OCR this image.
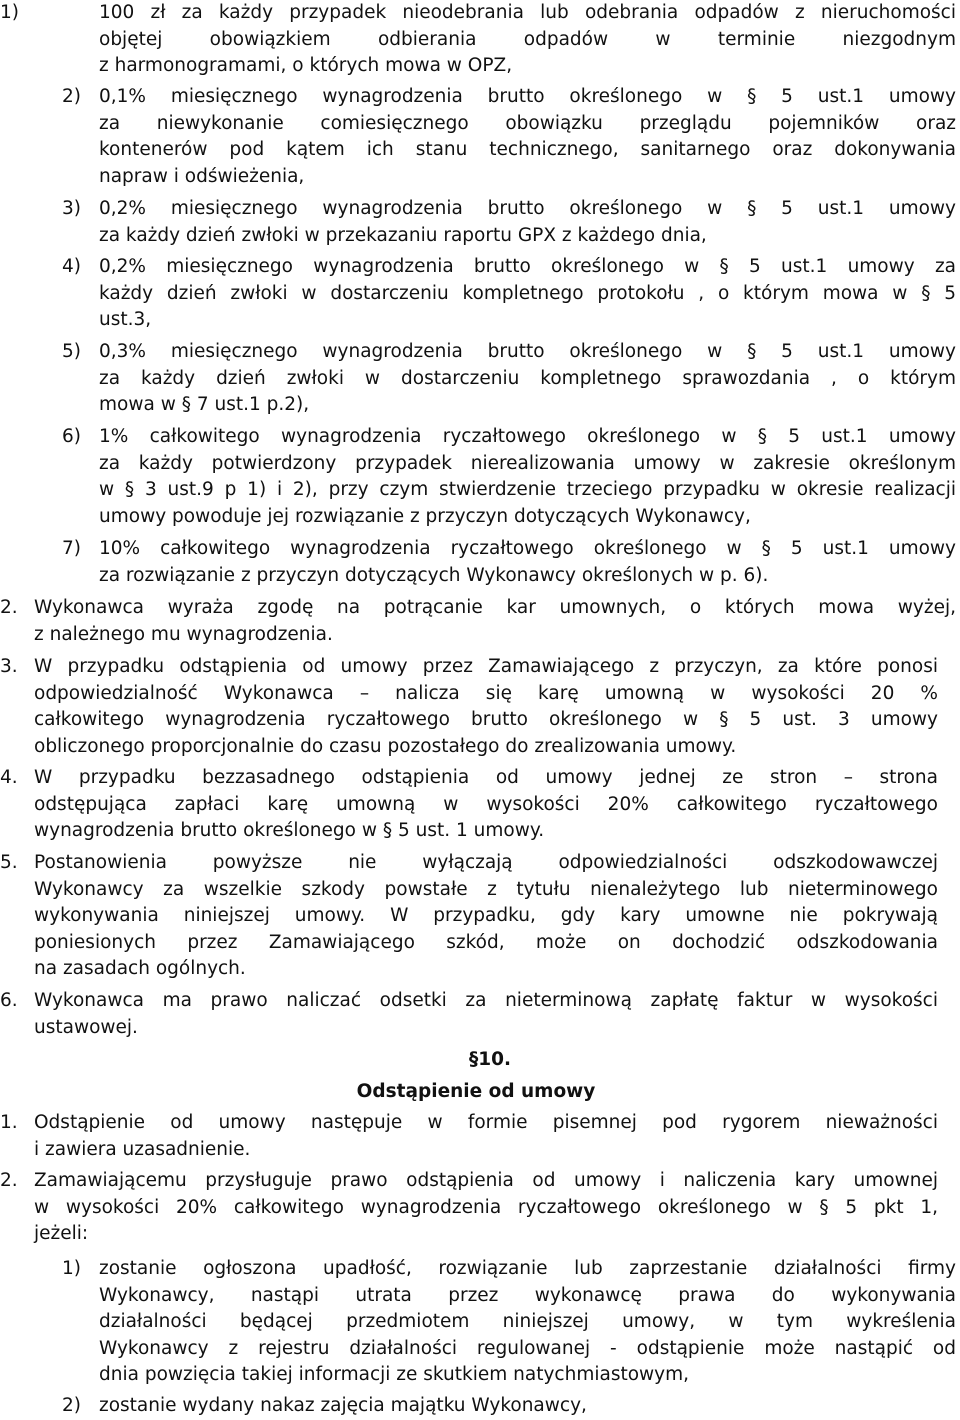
1)	100 zł za każdy przypadek nieodebrania lub odebrania odpadów z nieruchomości
objętej obowiązkiem odbierania odpadów w terminie niezgodnym
z harmonogramami, o których mowa w OPZ,
2) 0,1% miesięcznego wynagrodzenia brutto określonego w § 5 ust.1 umowy
za niewykonanie comiesięcznego obowiązku przeglądu pojemników oraz
kontenerów pod kątem ich stanu technicznego, sanitarnego oraz dokonywania
napraw i odświeżenia,
3) 0,2% miesięcznego wynagrodzenia brutto określonego w § 5 ust.1 umowy
za każdy dzień zwłoki w przekazaniu raportu GPX z każdego dnia,
4) 0,2% miesięcznego wynagrodzenia brutto określonego w § 5 ust.1 umowy za
każdy dzień zwłoki w dostarczeniu kompletnego protokołu , o którym mowa w § 5
ust.3,
5) 0,3% miesięcznego wynagrodzenia brutto określonego w § 5 ust.1 umowy
za każdy dzień zwłoki w dostarczeniu kompletnego sprawozdania , o którym
mowa w § 7 ust.1 p.2),
6) 1% całkowitego wynagrodzenia ryczałtowego określonego w § 5 ust.1 umowy
za każdy potwierdzony przypadek nierealizowania umowy w zakresie określonym
w § 3 ust.9 p 1) i 2), przy czym stwierdzenie trzeciego przypadku w okresie realizacji
umowy powoduje jej rozwiązanie z przyczyn dotyczących Wykonawcy,
7) 10% całkowitego wynagrodzenia ryczałtowego określonego w § 5 ust.1 umowy
za rozwiązanie z przyczyn dotyczących Wykonawcy określonych w p. 6).
2. Wykonawca wyraża zgodę na potrącanie kar umownych, o których mowa wyżej,
z należnego mu wynagrodzenia.
3. W przypadku odstąpienia od umowy przez Zamawiającego z przyczyn, za które ponosi
odpowiedzialność Wykonawca – nalicza się karę umowną w wysokości 20 %
całkowitego wynagrodzenia ryczałtowego brutto określonego w § 5 ust. 3 umowy
obliczonego proporcjonalnie do czasu pozostałego do zrealizowania umowy.
4. W przypadku bezzasadnego odstąpienia od umowy jednej ze stron – strona
odstępująca zapłaci karę umowną w wysokości 20% całkowitego ryczałtowego
wynagrodzenia brutto określonego w § 5 ust. 1 umowy.
5. Postanowienia powyższe nie wyłączają odpowiedzialności odszkodowawczej
Wykonawcy za wszelkie szkody powstałe z tytułu nienależytego lub nieterminowego
wykonywania niniejszej umowy. W przypadku, gdy kary umowne nie pokrywają
poniesionych przez Zamawiającego szkód, może on dochodzić odszkodowania
na zasadach ogólnych.
6. Wykonawca ma prawo naliczać odsetki za nieterminową zapłatę faktur w wysokości
ustawowej.
§10.
Odstąpienie od umowy
1. Odstąpienie od umowy następuje w formie pisemnej pod rygorem nieważności
i zawiera uzasadnienie.
2. Zamawiającemu przysługuje prawo odstąpienia od umowy i naliczenia kary umownej
w wysokości 20% całkowitego wynagrodzenia ryczałtowego określonego w § 5 pkt 1,
jeżeli:
1) zostanie ogłoszona upadłość, rozwiązanie lub zaprzestanie działalności firmy
Wykonawcy, nastąpi utrata przez wykonawcę prawa do wykonywania
działalności będącej przedmiotem niniejszej umowy, w tym wykreślenia
Wykonawcy z rejestru działalności regulowanej - odstąpienie może nastąpić od
dnia powzięcia takiej informacji ze skutkiem natychmiastowym,
2) zostanie wydany nakaz zajęcia majątku Wykonawcy,
